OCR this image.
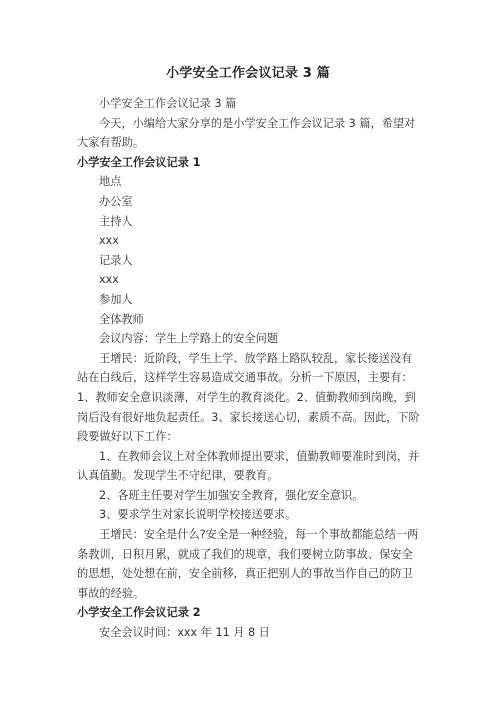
小学安全工作会议记录 3 篇

小学安全工作会议记录 3 篇

今天，小编给大家分享的是小学安全工作会议记录 3 篇，希望对大家有帮助。

小学安全工作会议记录 1

地点

办公室

主持人

xxx

记录人

xxx

参加人

全体教师

会议内容：学生上学路上的安全问题

王增民：近阶段，学生上学、放学路上路队较乱，家长接送没有站在白线后，这样学生容易造成交通事故。分析一下原因，主要有：1、教师安全意识淡薄，对学生的教育淡化。2、值勤教师到岗晚，到岗后没有很好地负起责任。3、家长接送心切，素质不高。因此，下阶段要做好以下工作：

1、在教师会议上对全体教师提出要求，值勤教师要准时到岗，并认真值勤。发现学生不守纪律，要教育。

2、各班主任要对学生加强安全教育，强化安全意识。

3、要求学生对家长说明学校接送要求。

王增民：安全是什么?安全是一种经验，每一个事故都能总结一两条教训，日积月累，就成了我们的规章，我们要树立防事故、保安全的思想，处处想在前，安全前移，真正把别人的事故当作自己的防卫事故的经验。

小学安全工作会议记录 2

安全会议时间：xxx 年 11 月 8 日
